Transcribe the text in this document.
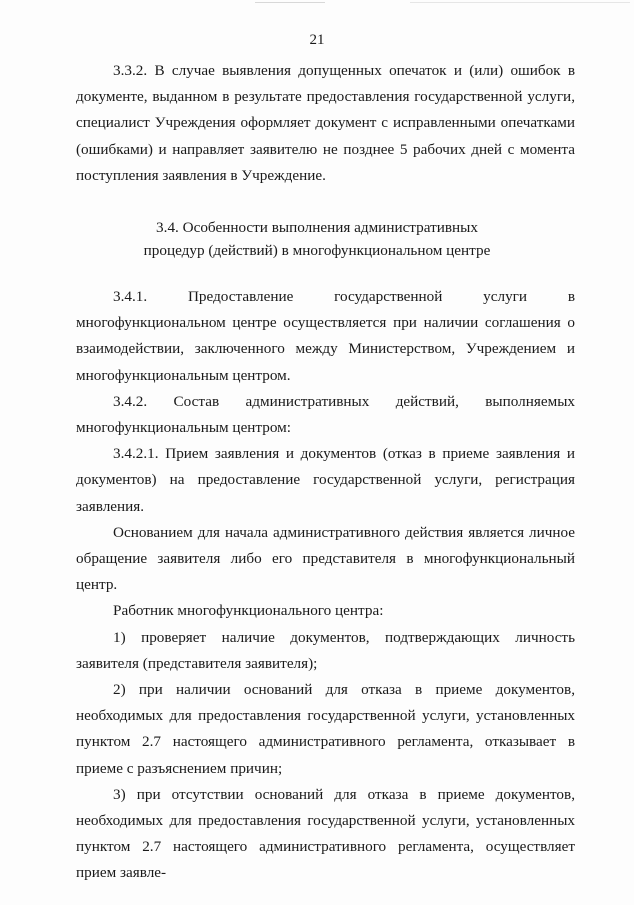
21

3.3.2. В случае выявления допущенных опечаток и (или) ошибок в документе, выданном в результате предоставления государственной услуги, специалист Учреждения оформляет документ с исправленными опечатками (ошибками) и направляет заявителю не позднее 5 рабочих дней с момента поступления заявления в Учреждение.

3.4. Особенности выполнения административных
процедур (действий) в многофункциональном центре

3.4.1. Предоставление государственной услуги в многофункциональном центре осуществляется при наличии соглашения о взаимодействии, заключенного между Министерством, Учреждением и многофункциональным центром.

3.4.2. Состав административных действий, выполняемых многофункциональным центром:

3.4.2.1. Прием заявления и документов (отказ в приеме заявления и документов) на предоставление государственной услуги, регистрация заявления.

Основанием для начала административного действия является личное обращение заявителя либо его представителя в многофункциональный центр.

Работник многофункционального центра:

1) проверяет наличие документов, подтверждающих личность заявителя (представителя заявителя);

2) при наличии оснований для отказа в приеме документов, необходимых для предоставления государственной услуги, установленных пунктом 2.7 настоящего административного регламента, отказывает в приеме с разъяснением причин;

3) при отсутствии оснований для отказа в приеме документов, необходимых для предоставления государственной услуги, установленных пунктом 2.7 настоящего административного регламента, осуществляет прием заявле-
